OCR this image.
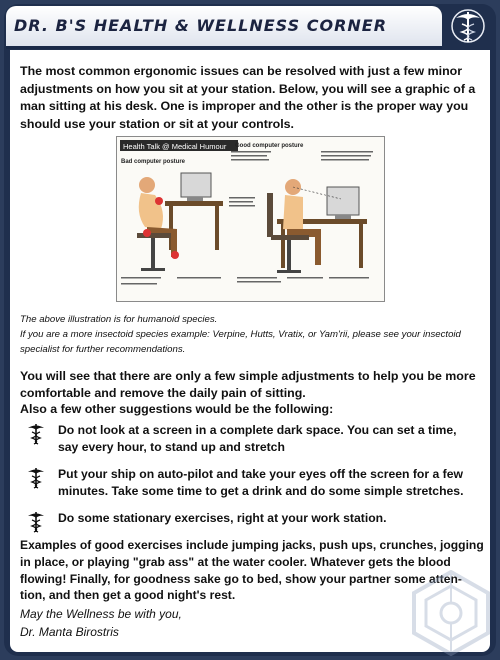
DR. B'S HEALTH & WELLNESS CORNER

The most common ergonomic issues can be resolved with just a few minor adjustments on how you sit at your station. Below, you will see a graphic of a man sitting at his desk. One is improper and the other is the proper way you should use your station or sit at your controls.

Health Talk @ Medical Humour
Bad computer posture
Good computer posture

The above illustration is for humanoid species.
If you are a more insectoid species example: Verpine, Hutts, Vratix, or Yam'rii, please see your insectoid specialist for further recommendations.

You will see that there are only a few simple adjustments to help you be more comfortable and remove the daily pain of sitting.
Also a few other suggestions would be the following:

Do not look at a screen in a complete dark space. You can set a time, say every hour, to stand up and stretch
Put your ship on auto-pilot and take your eyes off the screen for a few minutes. Take some time to get a drink and do some simple stretches.
Do some stationary exercises, right at your work station.

Examples of good exercises include jumping jacks, push ups, crunches, jogging in place, or playing "grab ass" at the water cooler. Whatever gets the blood flowing! Finally, for goodness sake go to bed, show your partner some atten-tion, and then get a good night's rest.

May the Wellness be with you,
Dr. Manta Birostris
